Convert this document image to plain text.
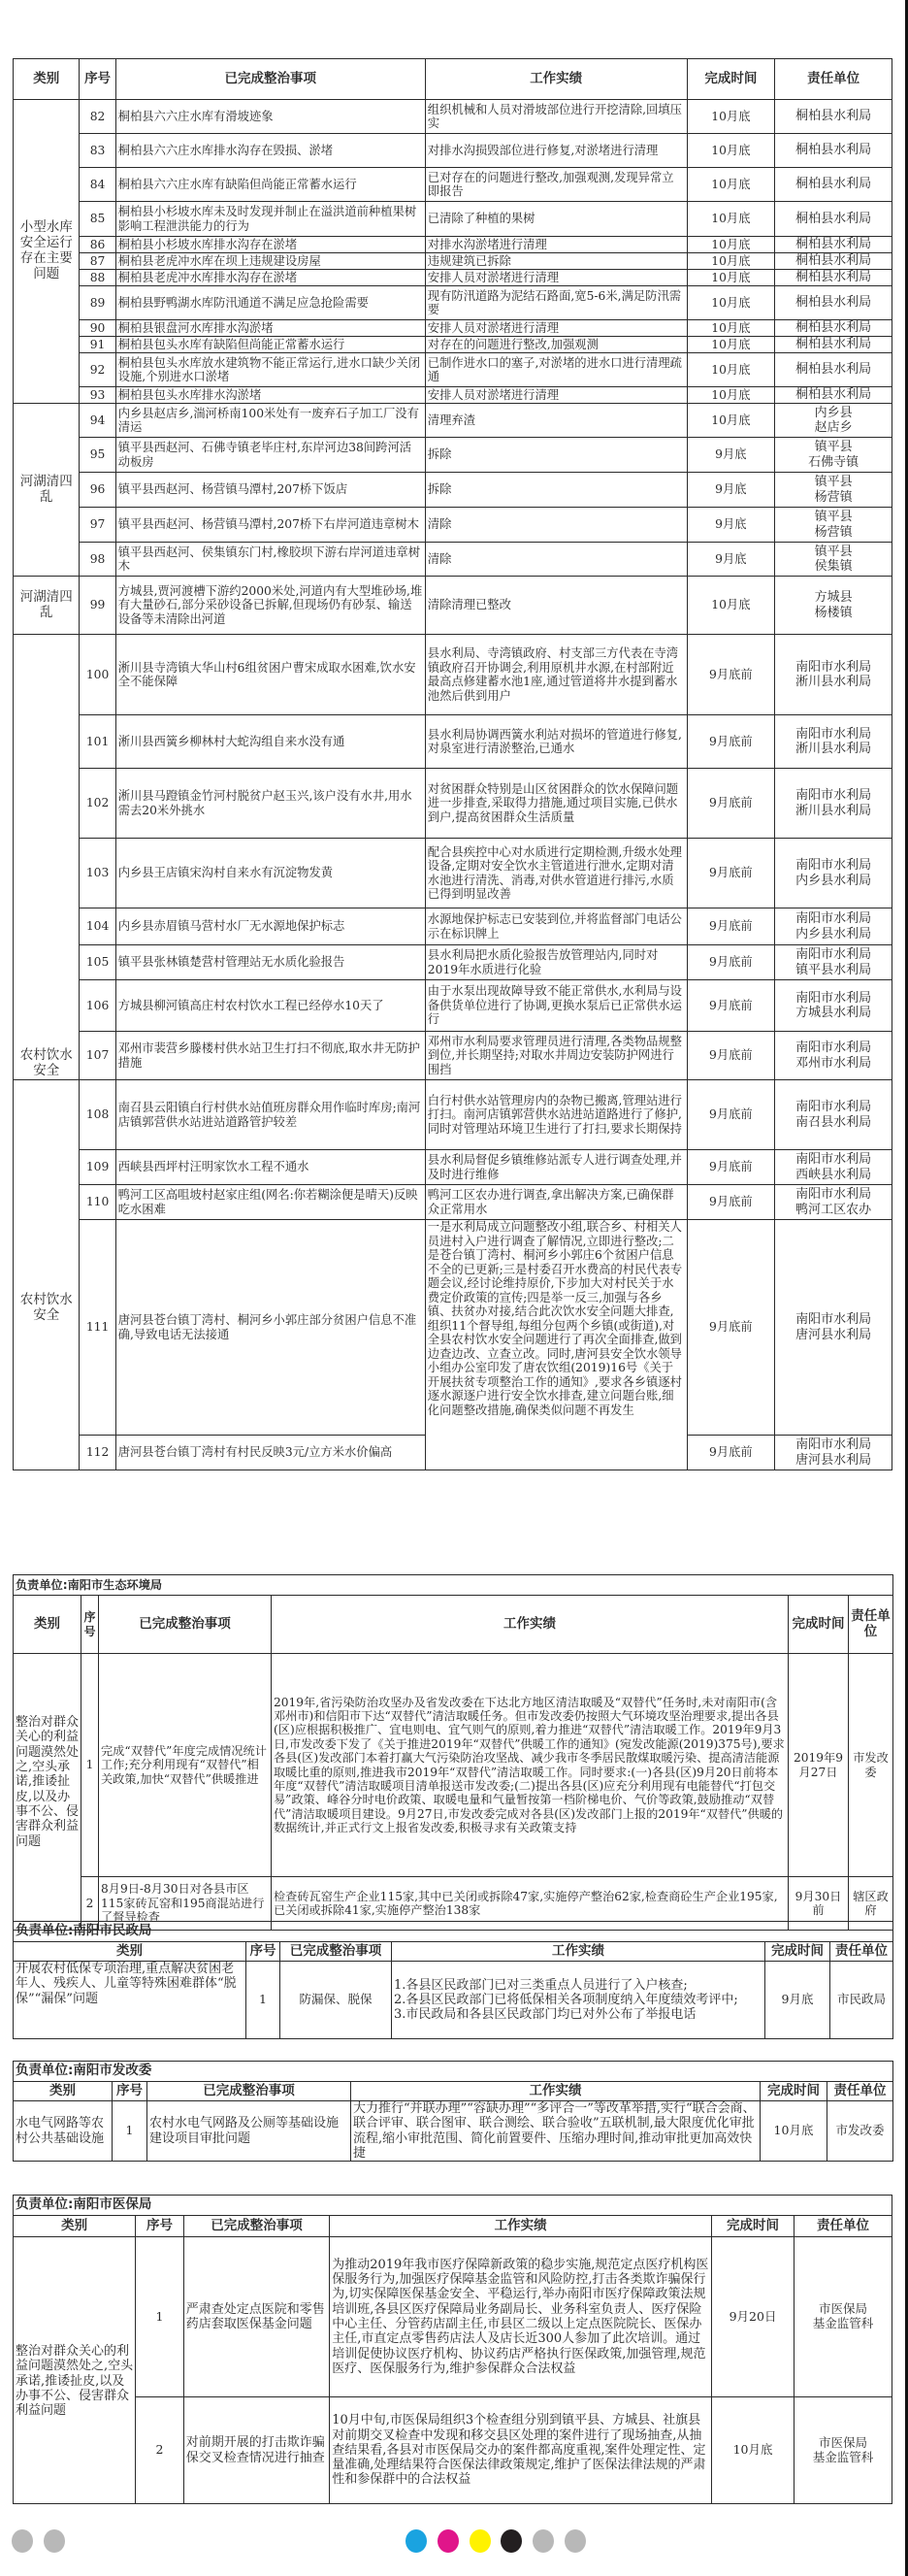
类别	序号	已完成整治事项	工作实绩	完成时间	责任单位
小型水库安全运行存在主要问题	82	桐柏县六六庄水库有滑坡迹象	组织机械和人员对滑坡部位进行开挖清除,回填压实	10月底	桐柏县水利局
	83	桐柏县六六庄水库排水沟存在毁损、淤堵	对排水沟损毁部位进行修复,对淤堵进行清理	10月底	桐柏县水利局
	84	桐柏县六六庄水库有缺陷但尚能正常蓄水运行	已对存在的问题进行整改,加强观测,发现异常立即报告	10月底	桐柏县水利局
	85	桐柏县小杉坡水库未及时发现并制止在溢洪道前种植果树影响工程泄洪能力的行为	已清除了种植的果树	10月底	桐柏县水利局
	86	桐柏县小杉坡水库排水沟存在淤堵	对排水沟淤堵进行清理	10月底	桐柏县水利局
	87	桐柏县老虎冲水库在坝上违规建设房屋	违规建筑已拆除	10月底	桐柏县水利局
	88	桐柏县老虎冲水库排水沟存在淤堵	安排人员对淤堵进行清理	10月底	桐柏县水利局
	89	桐柏县野鸭湖水库防汛通道不满足应急抢险需要	现有防汛道路为泥结石路面,宽5-6米,满足防汛需要	10月底	桐柏县水利局
	90	桐柏县银盘河水库排水沟淤堵	安排人员对淤堵进行清理	10月底	桐柏县水利局
	91	桐柏县包头水库有缺陷但尚能正常蓄水运行	对存在的问题进行整改,加强观测	10月底	桐柏县水利局
	92	桐柏县包头水库放水建筑物不能正常运行,进水口缺少关闭设施,个别进水口淤堵	已制作进水口的塞子,对淤堵的进水口进行清理疏通	10月底	桐柏县水利局
	93	桐柏县包头水库排水沟淤堵	安排人员对淤堵进行清理	10月底	桐柏县水利局
河湖清四乱	94	内乡县赵店乡,湍河桥南100米处有一废弃石子加工厂没有清运	清理弃渣	10月底	内乡县
赵店乡

	95	镇平县西赵河、石佛寺镇老毕庄村,东岸河边38间跨河活动板房	拆除	9月底	镇平县
石佛寺镇

	96	镇平县西赵河、杨营镇马潭村,207桥下饭店	拆除	9月底	镇平县
杨营镇

	97	镇平县西赵河、杨营镇马潭村,207桥下右岸河道违章树木	清除	9月底	镇平县
杨营镇

	98	镇平县西赵河、侯集镇东门村,橡胶坝下游右岸河道违章树木	清除	9月底	镇平县
侯集镇

河湖清四乱	99	方城县,贾河渡槽下游约2000米处,河道内有大型堆砂场,堆有大量砂石,部分采砂设备已拆解,但现场仍有砂泵、输送设备等未清除出河道	清除清理已整改	10月底	方城县
杨楼镇

农村饮水安全	100	淅川县寺湾镇大华山村6组贫困户曹宋成取水困难,饮水安全不能保障	县水利局、寺湾镇政府、村支部三方代表在寺湾镇政府召开协调会,利用原机井水源,在村部附近最高点修建蓄水池1座,通过管道将井水提到蓄水池然后供到用户	9月底前	南阳市水利局
淅川县水利局

	101	淅川县西簧乡柳林村大蛇沟组自来水没有通	县水利局协调西簧水利站对损坏的管道进行修复,对泉室进行清淤整治,已通水	9月底前	南阳市水利局
淅川县水利局

	102	淅川县马蹬镇金竹河村脱贫户赵玉兴,该户没有水井,用水需去20米外挑水	对贫困群众特别是山区贫困群众的饮水保障问题进一步排查,采取得力措施,通过项目实施,已供水到户,提高贫困群众生活质量	9月底前	南阳市水利局
淅川县水利局

	103	内乡县王店镇宋沟村自来水有沉淀物发黄	配合县疾控中心对水质进行定期检测,升级水处理设备,定期对安全饮水主管道进行泄水,定期对清水池进行清洗、消毒,对供水管道进行排污,水质已得到明显改善	9月底前	南阳市水利局
内乡县水利局

	104	内乡县赤眉镇马营村水厂无水源地保护标志	水源地保护标志已安装到位,并将监督部门电话公示在标识牌上	9月底前	南阳市水利局
内乡县水利局

	105	镇平县张林镇楚营村管理站无水质化验报告	县水利局把水质化验报告放管理站内,同时对2019年水质进行化验	9月底前	南阳市水利局
镇平县水利局

	106	方城县柳河镇高庄村农村饮水工程已经停水10天了	由于水泵出现故障导致不能正常供水,水利局与设备供货单位进行了协调,更换水泵后已正常供水运行	9月底前	南阳市水利局
方城县水利局

	107	邓州市裴营乡滕楼村供水站卫生打扫不彻底,取水井无防护措施	邓州市水利局要求管理员进行清理,各类物品规整到位,并长期坚持;对取水井周边安装防护网进行围挡	9月底前	南阳市水利局
邓州市水利局

农村饮水安全	108	南召县云阳镇白行村供水站值班房群众用作临时库房;南河店镇郭营供水站进站道路管护较差	白行村供水站管理房内的杂物已搬离,管理站进行打扫。南河店镇郭营供水站进站道路进行了修护,同时对管理站环境卫生进行了打扫,要求长期保持	9月底前	南阳市水利局
南召县水利局

	109	西峡县西坪村汪明家饮水工程不通水	县水利局督促乡镇维修站派专人进行调查处理,并及时进行维修	9月底前	南阳市水利局
西峡县水利局

	110	鸭河工区高咀坡村赵家庄组(网名:你若糊涂便是晴天)反映吃水困难	鸭河工区农办进行调查,拿出解决方案,已确保群众正常用水	9月底前	南阳市水利局
鸭河工区农办

	111	唐河县苍台镇丁湾村、桐河乡小郭庄部分贫困户信息不准确,导致电话无法接通	一是水利局成立问题整改小组,联合乡、村相关人员进村入户进行调查了解情况,立即进行整改;二是苍台镇丁湾村、桐河乡小郭庄6个贫困户信息不全的已更新;三是村委召开水费高的村民代表专题会议,经讨论维持原价,下步加大对村民关于水费定价政策的宣传;四是举一反三,加强与各乡镇、扶贫办对接,结合此次饮水安全问题大排查,组织11个督导组,每组分包两个乡镇(或街道),对全县农村饮水安全问题进行了再次全面排查,做到边查边改、立查立改。同时,唐河县安全饮水领导小组办公室印发了唐农饮组(2019)16号《关于开展扶贫专项整治工作的通知》,要求各乡镇逐村逐水源逐户进行安全饮水排查,建立问题台账,细化问题整改措施,确保类似问题不再发生	9月底前	南阳市水利局
唐河县水利局

	112	唐河县苍台镇丁湾村有村民反映3元/立方米水价偏高		9月底前	南阳市水利局
唐河县水利局
负责单位:南阳市生态环境局					
类别	序号	已完成整治事项	工作实绩	完成时间	责任单位
整治对群众关心的利益问题漠然处之,空头承诺,推诿扯皮,以及办事不公、侵害群众利益问题	1	完成“双替代”年度完成情况统计工作;充分利用现有“双替代”相关政策,加快“双替代”供暖推进	2019年,省污染防治攻坚办及省发改委在下达北方地区清洁取暖及“双替代”任务时,未对南阳市(含邓州市)和信阳市下达“双替代”清洁取暖任务。但市发改委仍按照大气环境攻坚治理要求,提出各县(区)应根据积极推广、宜电则电、宜气则气的原则,着力推进“双替代”清洁取暖工作。2019年9月3日,市发改委下发了《关于推进2019年“双替代”供暖工作的通知》(宛发改能源(2019)375号),要求各县(区)发改部门本着打赢大气污染防治攻坚战、减少我市冬季居民散煤取暖污染、提高清洁能源取暖比重的原则,推进我市2019年“双替代”清洁取暖工作。同时要求:(一)各县(区)9月20日前将本年度“双替代”清洁取暖项目清单报送市发改委;(二)提出各县(区)应充分利用现有电能替代“打包交易”政策、峰谷分时电价政策、取暖电量和气量暂按第一档阶梯电价、气价等政策,鼓励推动“双替代”清洁取暖项目建设。9月27日,市发改委完成对各县(区)发改部门上报的2019年“双替代”供暖的数据统计,并正式行文上报省发改委,积极寻求有关政策支持	2019年9月27日	市发改委
	2	8月9日-8月30日对各县市区115家砖瓦窑和195商混站进行了督导检查	检查砖瓦窑生产企业115家,其中已关闭或拆除47家,实施停产整治62家,检查商砼生产企业195家,已关闭或拆除41家,实施停产整治138家	9月30日前	辖区政府
负责单位:南阳市民政局					
类别	序号	已完成整治事项	工作实绩	完成时间	责任单位
开展农村低保专项治理,重点解决贫困老年人、残疾人、儿童等特殊困难群体“脱保”“漏保”问题	1	防漏保、脱保	1.各县区民政部门已对三类重点人员进行了入户核查;
2.各县区民政部门已将低保相关各项制度纳入年度绩效考评中;
3.市民政局和各县区民政部门均已对外公布了举报电话	9月底	市民政局
负责单位:南阳市发改委					
类别	序号	已完成整治事项	工作实绩	完成时间	责任单位
水电气网路等农村公共基础设施	1	农村水电气网路及公厕等基础设施建设项目审批问题	大力推行“并联办理”“容缺办理”“多评合一”等改革举措,实行“联合会商、联合评审、联合图审、联合测绘、联合验收”五联机制,最大限度优化审批流程,缩小审批范围、简化前置要件、压缩办理时间,推动审批更加高效快捷	10月底	市发改委
负责单位:南阳市医保局					
类别	序号	已完成整治事项	工作实绩	完成时间	责任单位
整治对群众关心的利益问题漠然处之,空头承诺,推诿扯皮,以及办事不公、侵害群众利益问题	1	严肃查处定点医院和零售药店套取医保基金问题	为推动2019年我市医疗保障新政策的稳步实施,规范定点医疗机构医保服务行为,加强医疗保障基金监管和风险防控,打击各类欺诈骗保行为,切实保障医保基金安全、平稳运行,举办南阳市医疗保障政策法规培训班,各县区医疗保障局业务副局长、业务科室负责人、医疗保险中心主任、分管药店副主任,市县区二级以上定点医院院长、医保办主任,市直定点零售药店法人及店长近300人参加了此次培训。通过培训促使协议医疗机构、协议药店严格执行医保政策,加强管理,规范医疗、医保服务行为,维护参保群众合法权益	9月20日	市医保局
基金监管科

	2	对前期开展的打击欺诈骗保交叉检查情况进行抽查	10月中旬,市医保局组织3个检查组分别到镇平县、方城县、社旗县对前期交叉检查中发现和移交县区处理的案件进行了现场抽查,从抽查结果看,各县对市医保局交办的案件都高度重视,案件处理定性、定量准确,处理结果符合医保法律政策规定,维护了医保法律法规的严肃性和参保群中的合法权益	10月底	市医保局
基金监管科
